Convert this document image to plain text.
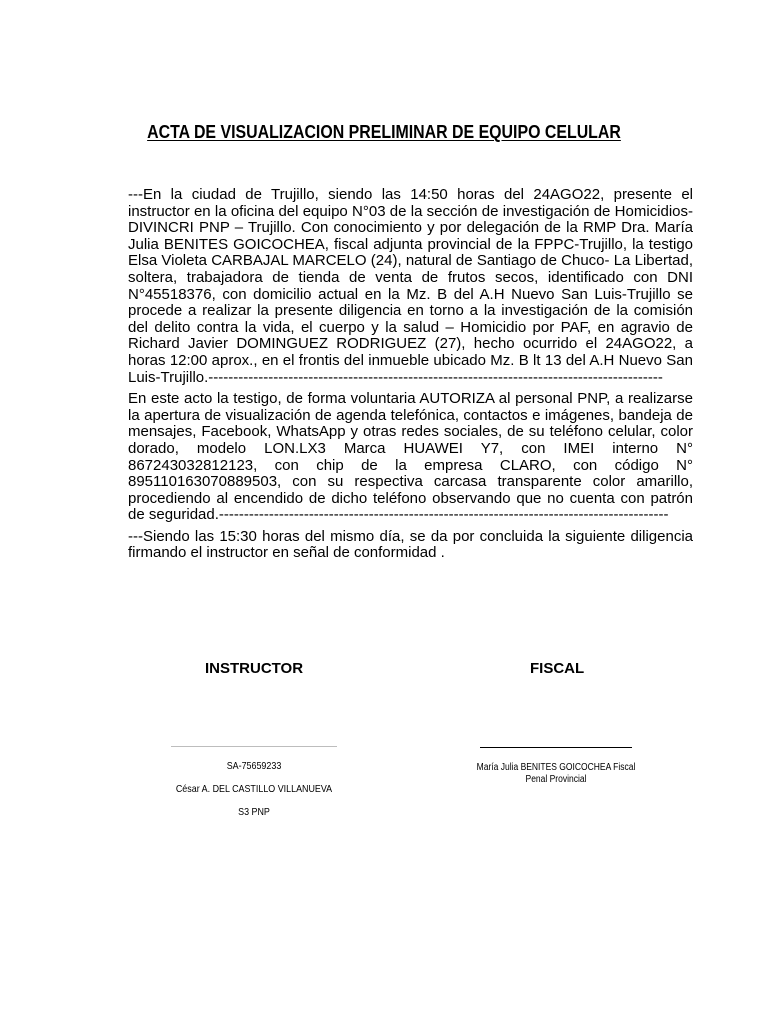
ACTA DE VISUALIZACION PRELIMINAR DE EQUIPO CELULAR

---En la ciudad de Trujillo, siendo las 14:50 horas del 24AGO22, presente el instructor en la oficina del equipo N°03 de la sección de investigación de Homicidios- DIVINCRI PNP – Trujillo. Con conocimiento y por delegación de la RMP Dra. María Julia BENITES GOICOCHEA, fiscal adjunta provincial de la FPPC-Trujillo, la testigo Elsa Violeta CARBAJAL MARCELO (24), natural de Santiago de Chuco- La Libertad, soltera, trabajadora de tienda de venta de frutos secos, identificado con DNI N°45518376, con domicilio actual en la Mz. B del A.H Nuevo San Luis-Trujillo se procede a realizar la presente diligencia en torno a la investigación de la comisión del delito contra la vida, el cuerpo y la salud – Homicidio por PAF, en agravio de Richard Javier DOMINGUEZ RODRIGUEZ (27), hecho ocurrido el 24AGO22, a horas 12:00 aprox., en el frontis del inmueble ubicado Mz. B lt 13 del A.H Nuevo San Luis-Trujillo.-------------------------------------------------------------------------------------------

En este acto la testigo, de forma voluntaria AUTORIZA al personal PNP, a realizarse la apertura de visualización de agenda telefónica, contactos e imágenes, bandeja de mensajes, Facebook, WhatsApp y otras redes sociales, de su teléfono celular, color dorado, modelo LON.LX3 Marca HUAWEI Y7, con IMEI interno N° 867243032812123, con chip de la empresa CLARO, con código N° 895110163070889503, con su respectiva carcasa transparente color amarillo, procediendo al encendido de dicho teléfono observando que no cuenta con patrón de seguridad.------------------------------------------------------------------------------------------

---Siendo las 15:30 horas del mismo día, se da por concluida la siguiente diligencia firmando el instructor en señal de conformidad .

INSTRUCTOR	FISCAL
SA-75659233
César A. DEL CASTILLO VILLANUEVA
S3 PNP
María Julia BENITES GOICOCHEA Fiscal
Penal Provincial
